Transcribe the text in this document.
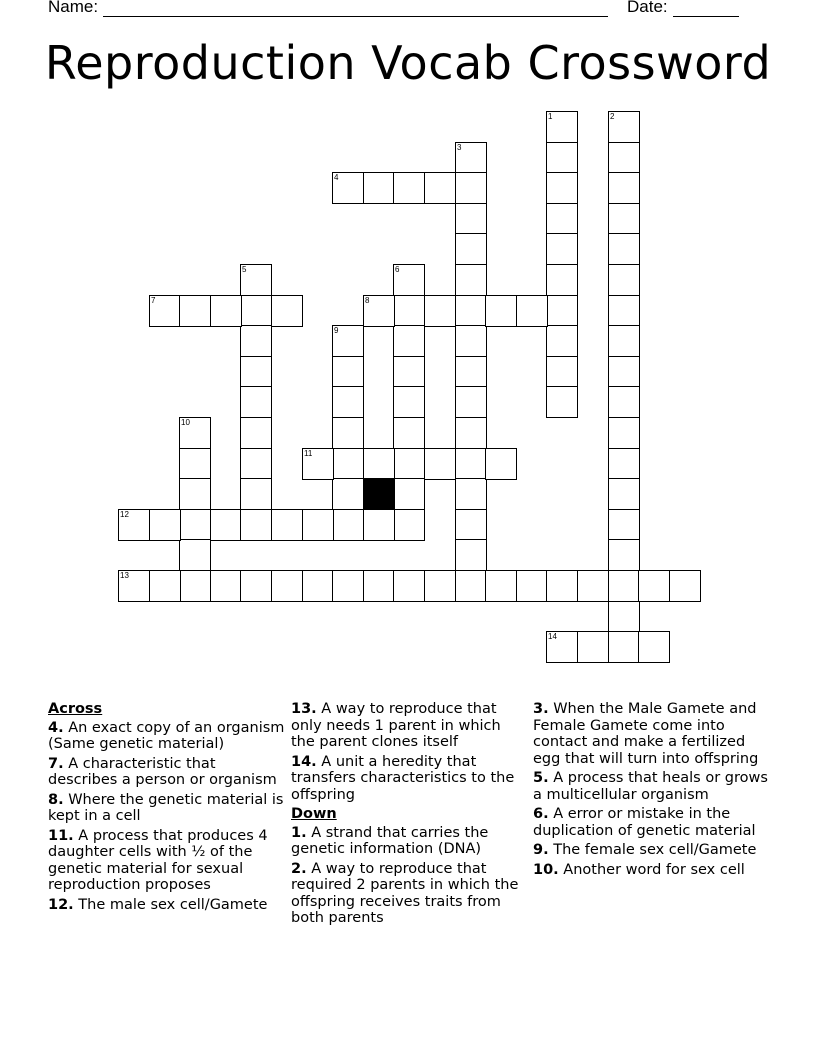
Name:	Date:
Reproduction Vocab Crossword
1	2
3
4
5	6
7	8
9
10
11
12
13
14
Across
4. An exact copy of an organism (Same genetic material)
7. A characteristic that describes a person or organism
8. Where the genetic material is kept in a cell
11. A process that produces 4 daughter cells with ½ of the genetic material for sexual reproduction proposes
12. The male sex cell/Gamete
13. A way to reproduce that only needs 1 parent in which the parent clones itself
14. A unit a heredity that transfers characteristics to the offspring
Down
1. A strand that carries the genetic information (DNA)
2. A way to reproduce that required 2 parents in which the offspring receives traits from both parents
3. When the Male Gamete and Female Gamete come into contact and make a fertilized egg that will turn into offspring
5. A process that heals or grows a multicellular organism
6. A error or mistake in the duplication of genetic material
9. The female sex cell/Gamete
10. Another word for sex cell
